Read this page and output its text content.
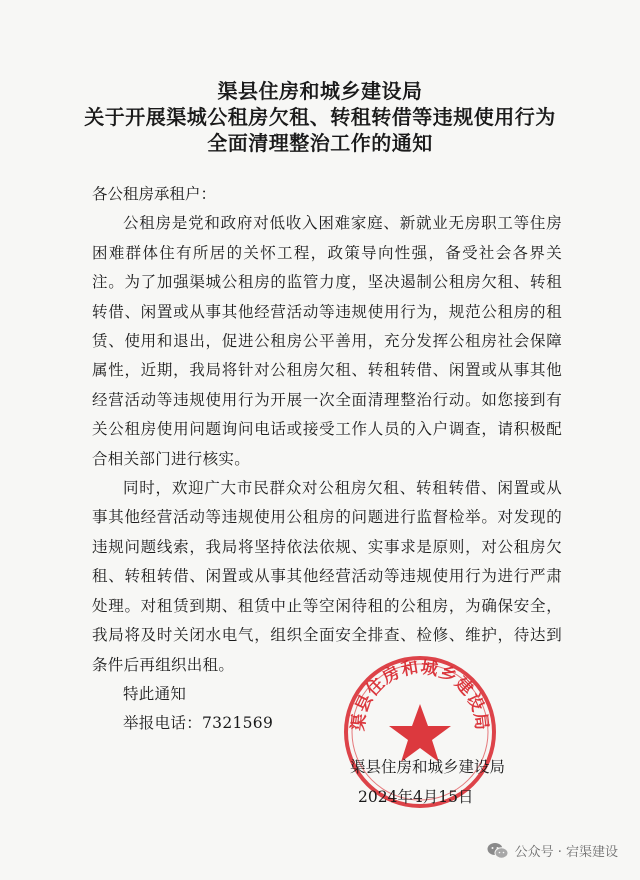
渠县住房和城乡建设局
关于开展渠城公租房欠租、转租转借等违规使用行为
全面清理整治工作的通知

各公租房承租户：

公租房是党和政府对低收入困难家庭、新就业无房职工等住房困难群体住有所居的关怀工程，政策导向性强，备受社会各界关注。为了加强渠城公租房的监管力度，坚决遏制公租房欠租、转租转借、闲置或从事其他经营活动等违规使用行为，规范公租房的租赁、使用和退出，促进公租房公平善用，充分发挥公租房社会保障属性，近期，我局将针对公租房欠租、转租转借、闲置或从事其他经营活动等违规使用行为开展一次全面清理整治行动。如您接到有关公租房使用问题询问电话或接受工作人员的入户调查，请积极配合相关部门进行核实。

同时，欢迎广大市民群众对公租房欠租、转租转借、闲置或从事其他经营活动等违规使用公租房的问题进行监督检举。对发现的违规问题线索，我局将坚持依法依规、实事求是原则，对公租房欠租、转租转借、闲置或从事其他经营活动等违规使用行为进行严肃处理。对租赁到期、租赁中止等空闲待租的公租房，为确保安全，我局将及时关闭水电气，组织全面安全排查、检修、维护，待达到条件后再组织出租。

特此通知

举报电话：7321569	渠县住房和城乡建设局
渠县住房和城乡建设局
2024年4月15日
公众号 · 宕渠建设
